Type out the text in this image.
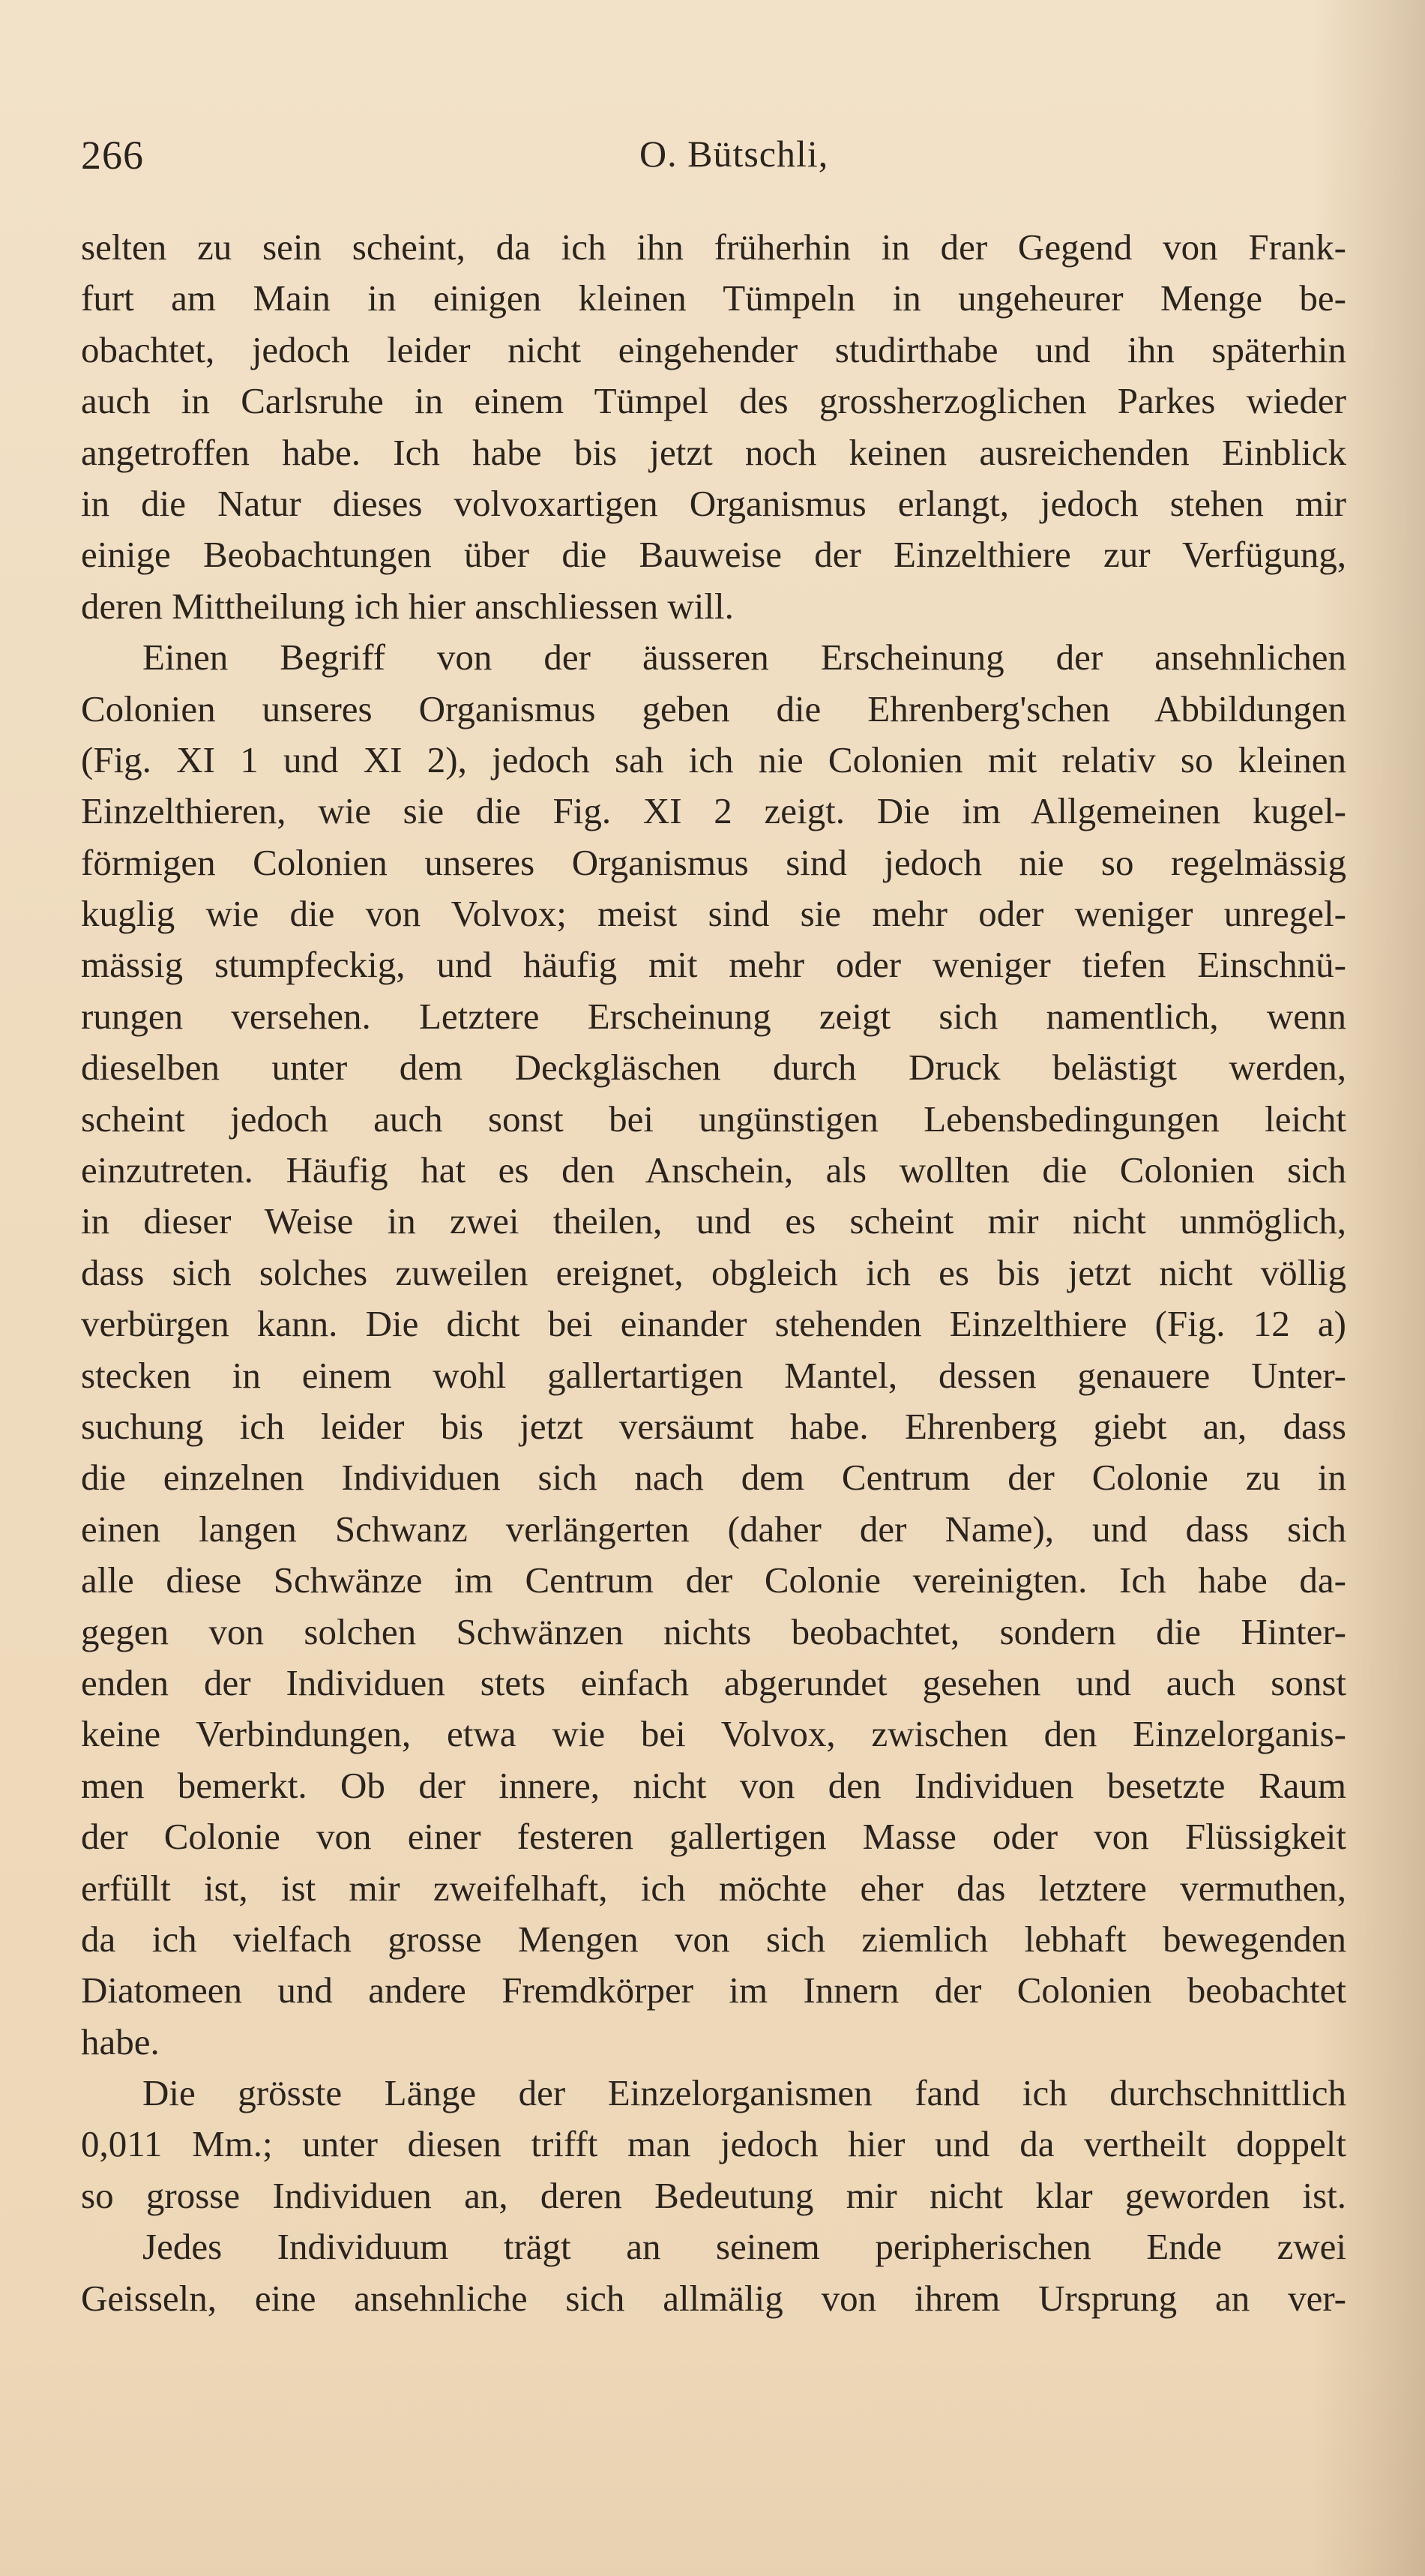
266	O. Bütschli,
selten zu sein scheint, da ich ihn früherhin in der Gegend von Frank-
furt am Main in einigen kleinen Tümpeln in ungeheurer Menge be-
obachtet, jedoch leider nicht eingehender studirthabe und ihn späterhin
auch in Carlsruhe in einem Tümpel des grossherzoglichen Parkes wieder
angetroffen habe. Ich habe bis jetzt noch keinen ausreichenden Einblick
in die Natur dieses volvoxartigen Organismus erlangt, jedoch stehen mir
einige Beobachtungen über die Bauweise der Einzelthiere zur Verfügung,
deren Mittheilung ich hier anschliessen will.
Einen Begriff von der äusseren Erscheinung der ansehnlichen
Colonien unseres Organismus geben die Ehrenberg'schen Abbildungen
(Fig. XI 1 und XI 2), jedoch sah ich nie Colonien mit relativ so kleinen
Einzelthieren, wie sie die Fig. XI 2 zeigt. Die im Allgemeinen kugel-
förmigen Colonien unseres Organismus sind jedoch nie so regelmässig
kuglig wie die von Volvox; meist sind sie mehr oder weniger unregel-
mässig stumpfeckig, und häufig mit mehr oder weniger tiefen Einschnü-
rungen versehen. Letztere Erscheinung zeigt sich namentlich, wenn
dieselben unter dem Deckgläschen durch Druck belästigt werden,
scheint jedoch auch sonst bei ungünstigen Lebensbedingungen leicht
einzutreten. Häufig hat es den Anschein, als wollten die Colonien sich
in dieser Weise in zwei theilen, und es scheint mir nicht unmöglich,
dass sich solches zuweilen ereignet, obgleich ich es bis jetzt nicht völlig
verbürgen kann. Die dicht bei einander stehenden Einzelthiere (Fig. 12 a)
stecken in einem wohl gallertartigen Mantel, dessen genauere Unter-
suchung ich leider bis jetzt versäumt habe. Ehrenberg giebt an, dass
die einzelnen Individuen sich nach dem Centrum der Colonie zu in
einen langen Schwanz verlängerten (daher der Name), und dass sich
alle diese Schwänze im Centrum der Colonie vereinigten. Ich habe da-
gegen von solchen Schwänzen nichts beobachtet, sondern die Hinter-
enden der Individuen stets einfach abgerundet gesehen und auch sonst
keine Verbindungen, etwa wie bei Volvox, zwischen den Einzelorganis-
men bemerkt. Ob der innere, nicht von den Individuen besetzte Raum
der Colonie von einer festeren gallertigen Masse oder von Flüssigkeit
erfüllt ist, ist mir zweifelhaft, ich möchte eher das letztere vermuthen,
da ich vielfach grosse Mengen von sich ziemlich lebhaft bewegenden
Diatomeen und andere Fremdkörper im Innern der Colonien beobachtet
habe.
Die grösste Länge der Einzelorganismen fand ich durchschnittlich
0,011 Mm.; unter diesen trifft man jedoch hier und da vertheilt doppelt
so grosse Individuen an, deren Bedeutung mir nicht klar geworden ist.
Jedes Individuum trägt an seinem peripherischen Ende zwei
Geisseln, eine ansehnliche sich allmälig von ihrem Ursprung an ver-
